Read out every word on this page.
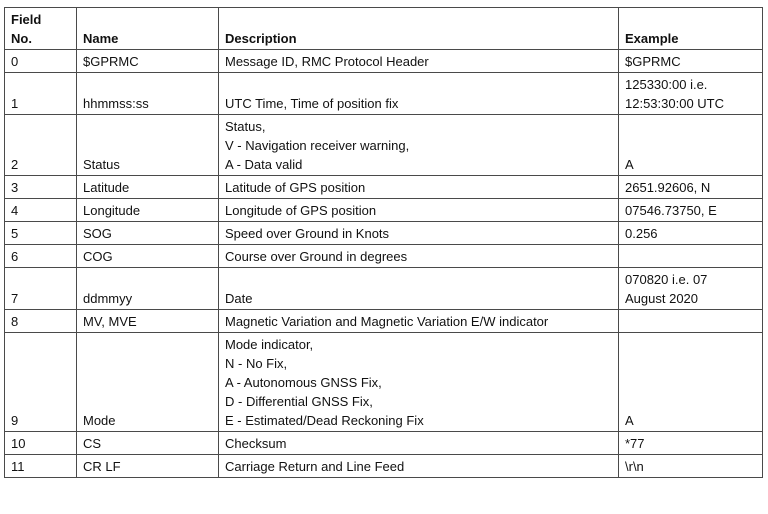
Field
No.	Name	Description	Example
0	$GPRMC	Message ID, RMC Protocol Header	$GPRMC
1	hhmmss:ss	UTC Time, Time of position fix	125330:00 i.e.
12:53:30:00 UTC
2	Status	Status,
V - Navigation receiver warning,
A - Data valid	A
3	Latitude	Latitude of GPS position	2651.92606, N
4	Longitude	Longitude of GPS position	07546.73750, E
5	SOG	Speed over Ground in Knots	0.256
6	COG	Course over Ground in degrees	
7	ddmmyy	Date	070820 i.e. 07
August 2020
8	MV, MVE	Magnetic Variation and Magnetic Variation E/W indicator	
9	Mode	Mode indicator,
N - No Fix,
A - Autonomous GNSS Fix,
D - Differential GNSS Fix,
E - Estimated/Dead Reckoning Fix	A
10	CS	Checksum	*77
11	CR LF	Carriage Return and Line Feed	\r\n
